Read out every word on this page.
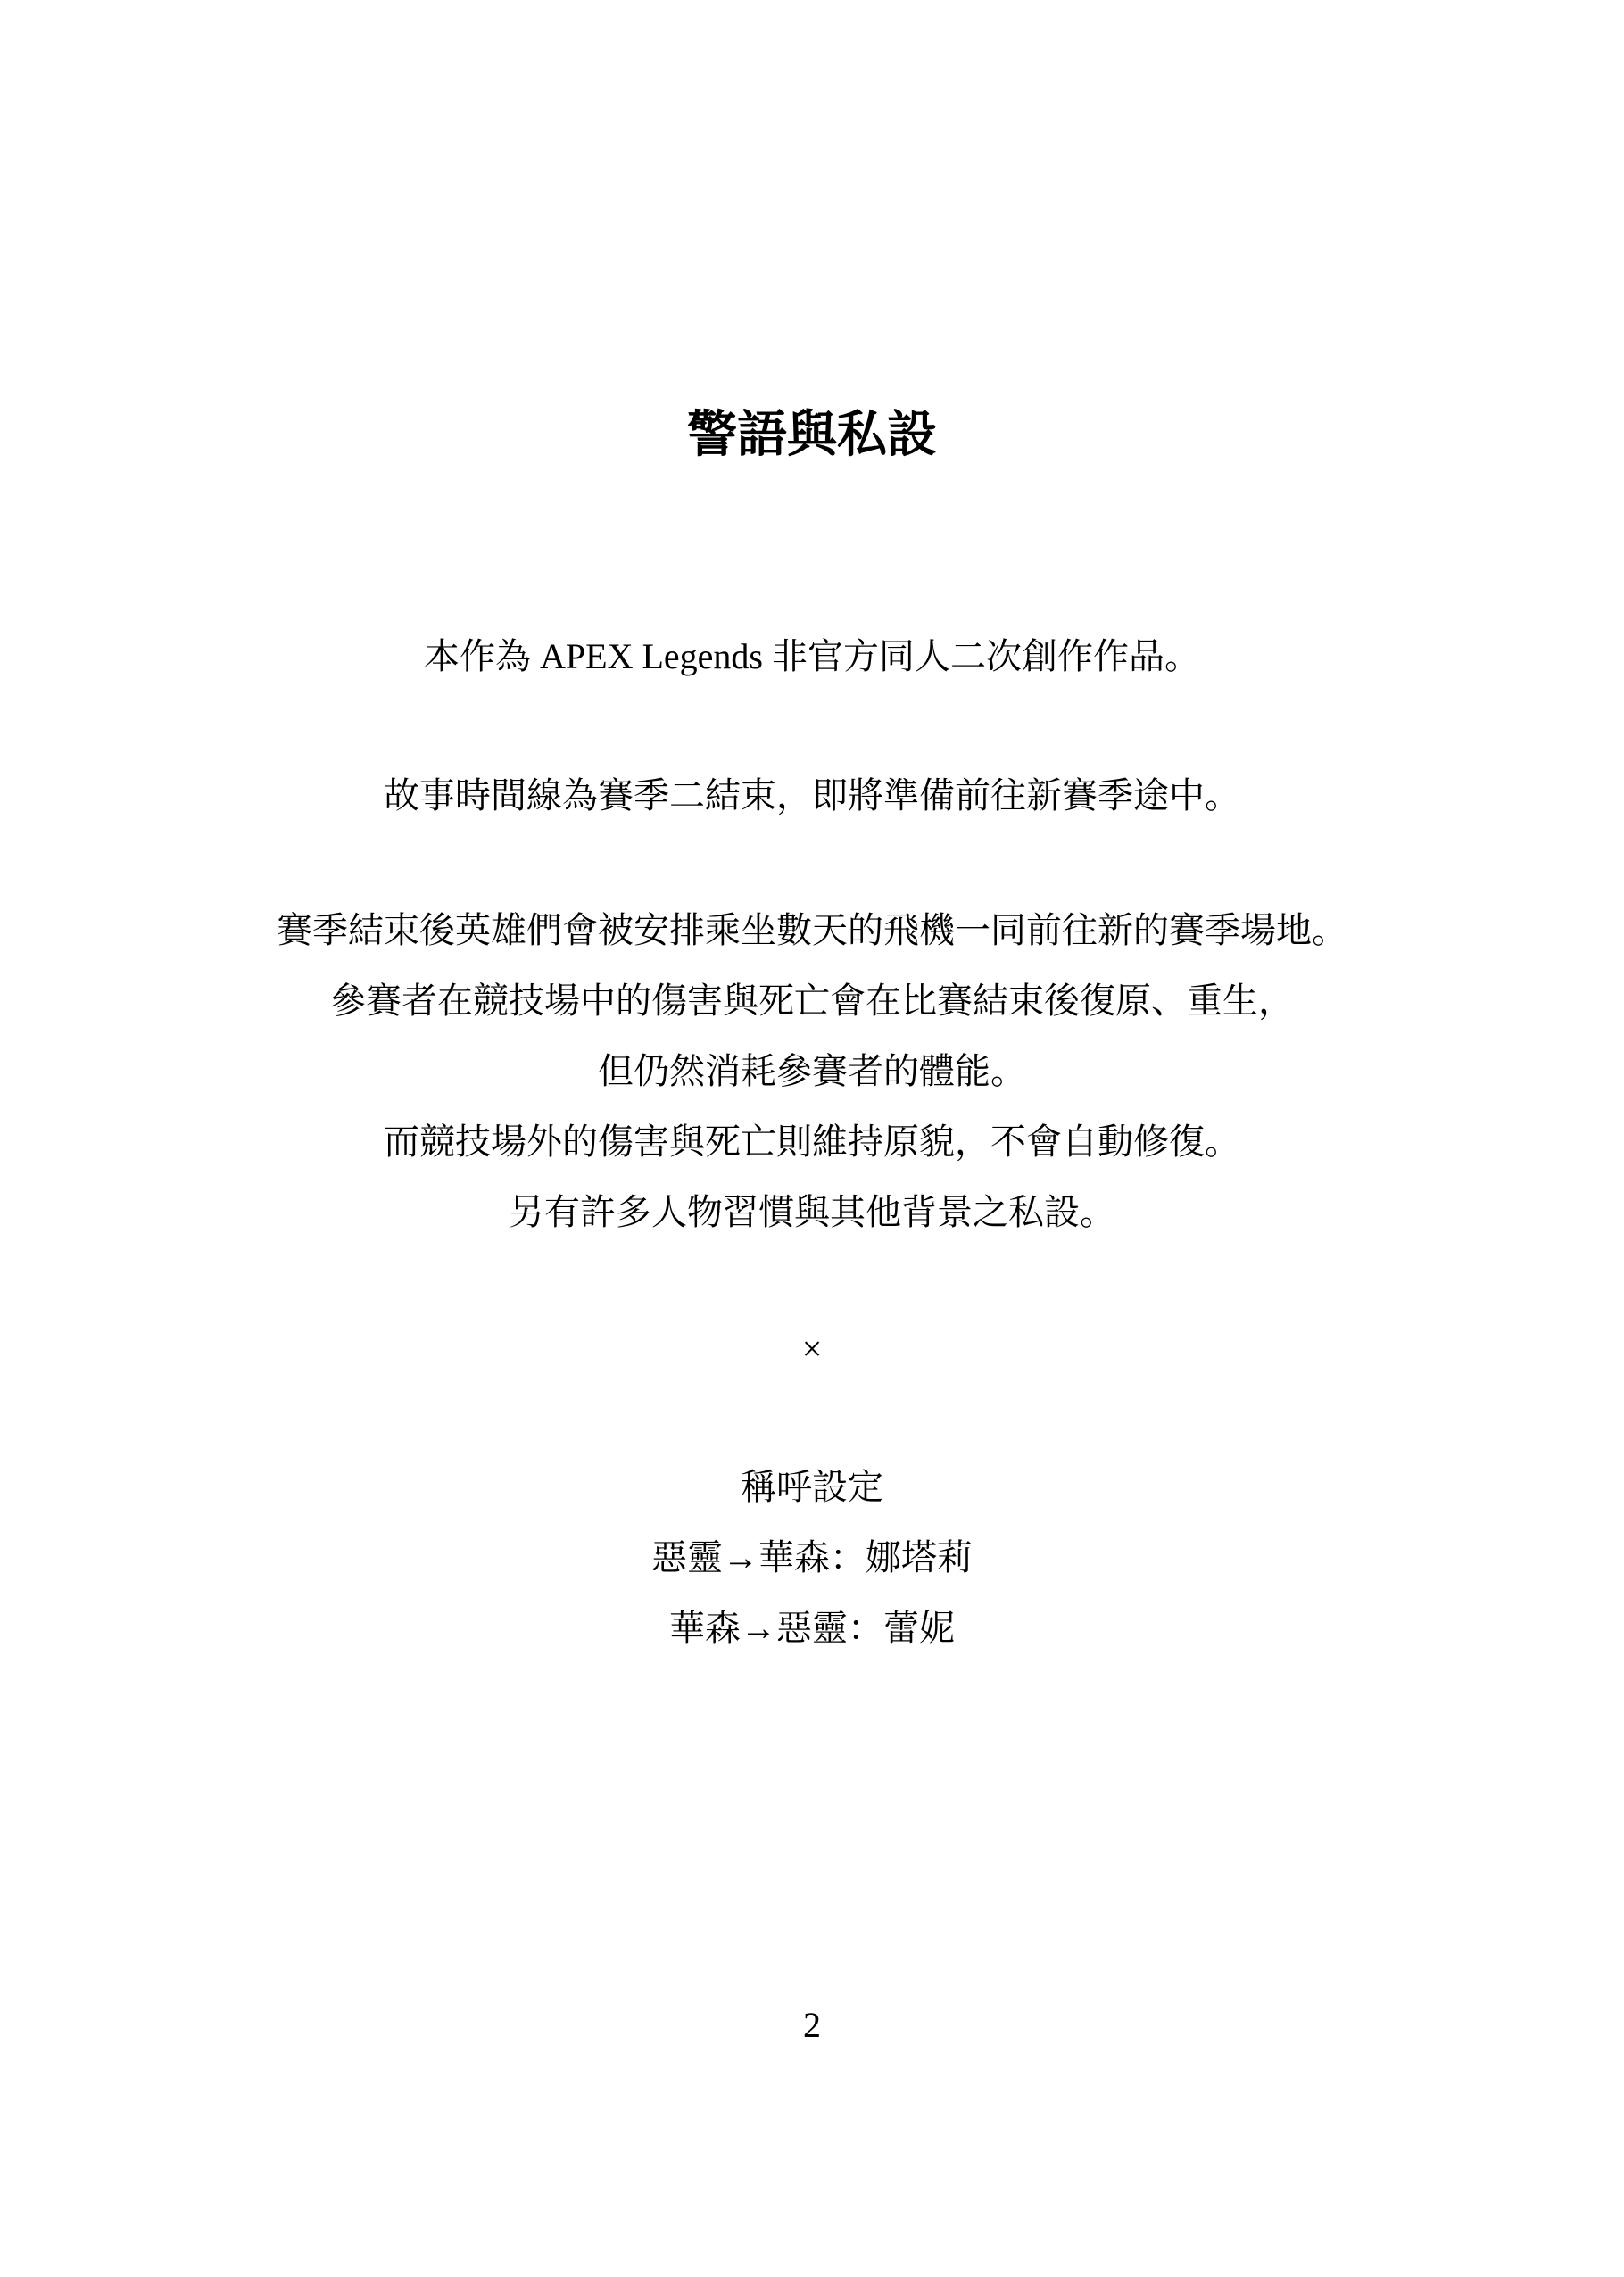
警語與私設
本作為 APEX Legends 非官方同人二次創作作品。
故事時間線為賽季二結束，即將準備前往新賽季途中。
賽季結束後英雄們會被安排乘坐數天的飛機一同前往新的賽季場地。
參賽者在競技場中的傷害與死亡會在比賽結束後復原、重生，
但仍然消耗參賽者的體能。
而競技場外的傷害與死亡則維持原貌，不會自動修復。
另有許多人物習慣與其他背景之私設。
×
稱呼設定
惡靈→華森：娜塔莉
華森→惡靈：蕾妮
2
